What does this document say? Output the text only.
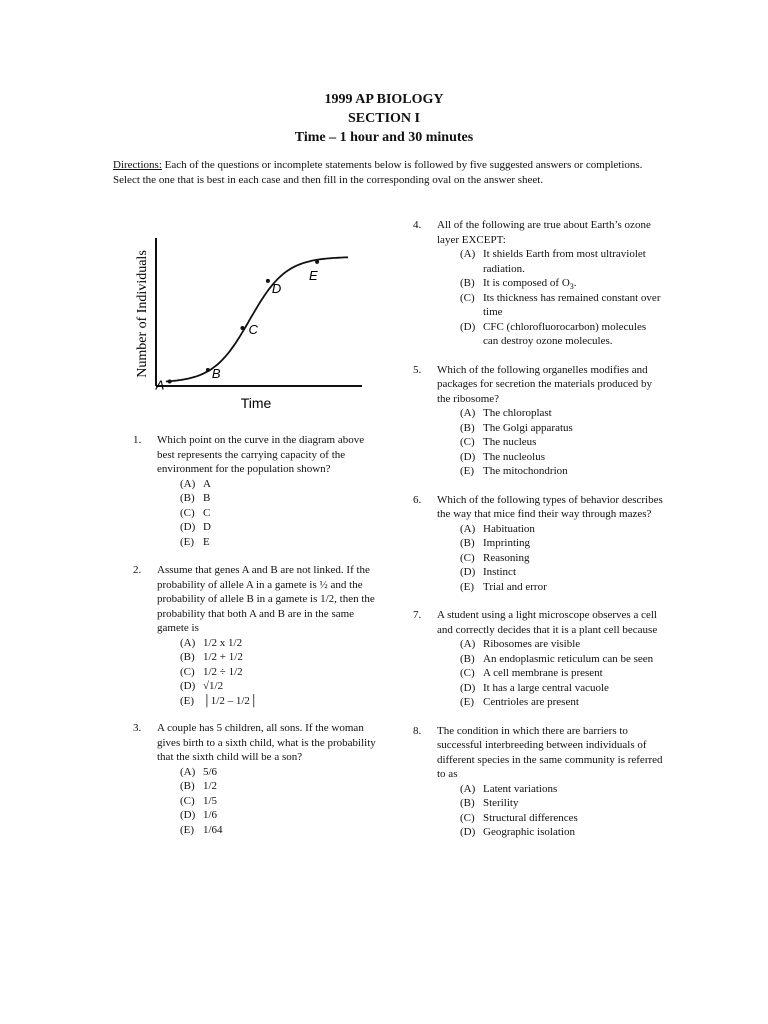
1999 AP BIOLOGY
SECTION I
Time – 1 hour and 30 minutes
Directions: Each of the questions or incomplete statements below is followed by five suggested answers or completions. Select the one that is best in each case and then fill in the corresponding oval on the answer sheet.
A
B
C
D
E
Time
Number of Individuals
1. Which point on the curve in the diagram above best represents the carrying capacity of the environment for the population shown?
(A) A
(B) B
(C) C
(D) D
(E) E
2. Assume that genes A and B are not linked. If the probability of allele A in a gamete is ½ and the probability of allele B in a gamete is 1/2, then the probability that both A and B are in the same gamete is
(A) 1/2 x 1/2
(B) 1/2 + 1/2
(C) 1/2 ÷ 1/2
(D) √1/2
(E) │1/2 – 1/2│
3. A couple has 5 children, all sons. If the woman gives birth to a sixth child, what is the probability that the sixth child will be a son?
(A) 5/6
(B) 1/2
(C) 1/5
(D) 1/6
(E) 1/64
4. All of the following are true about Earth’s ozone layer EXCEPT:
(A) It shields Earth from most ultraviolet radiation.
(B) It is composed of $O_3$.
(C) Its thickness has remained constant over time
(D) CFC (chlorofluorocarbon) molecules can destroy ozone molecules.
5. Which of the following organelles modifies and packages for secretion the materials produced by the ribosome?
(A) The chloroplast
(B) The Golgi apparatus
(C) The nucleus
(D) The nucleolus
(E) The mitochondrion
6. Which of the following types of behavior describes the way that mice find their way through mazes?
(A) Habituation
(B) Imprinting
(C) Reasoning
(D) Instinct
(E) Trial and error
7. A student using a light microscope observes a cell and correctly decides that it is a plant cell because
(A) Ribosomes are visible
(B) An endoplasmic reticulum can be seen
(C) A cell membrane is present
(D) It has a large central vacuole
(E) Centrioles are present
8. The condition in which there are barriers to successful interbreeding between individuals of different species in the same community is referred to as
(A) Latent variations
(B) Sterility
(C) Structural differences
(D) Geographic isolation
